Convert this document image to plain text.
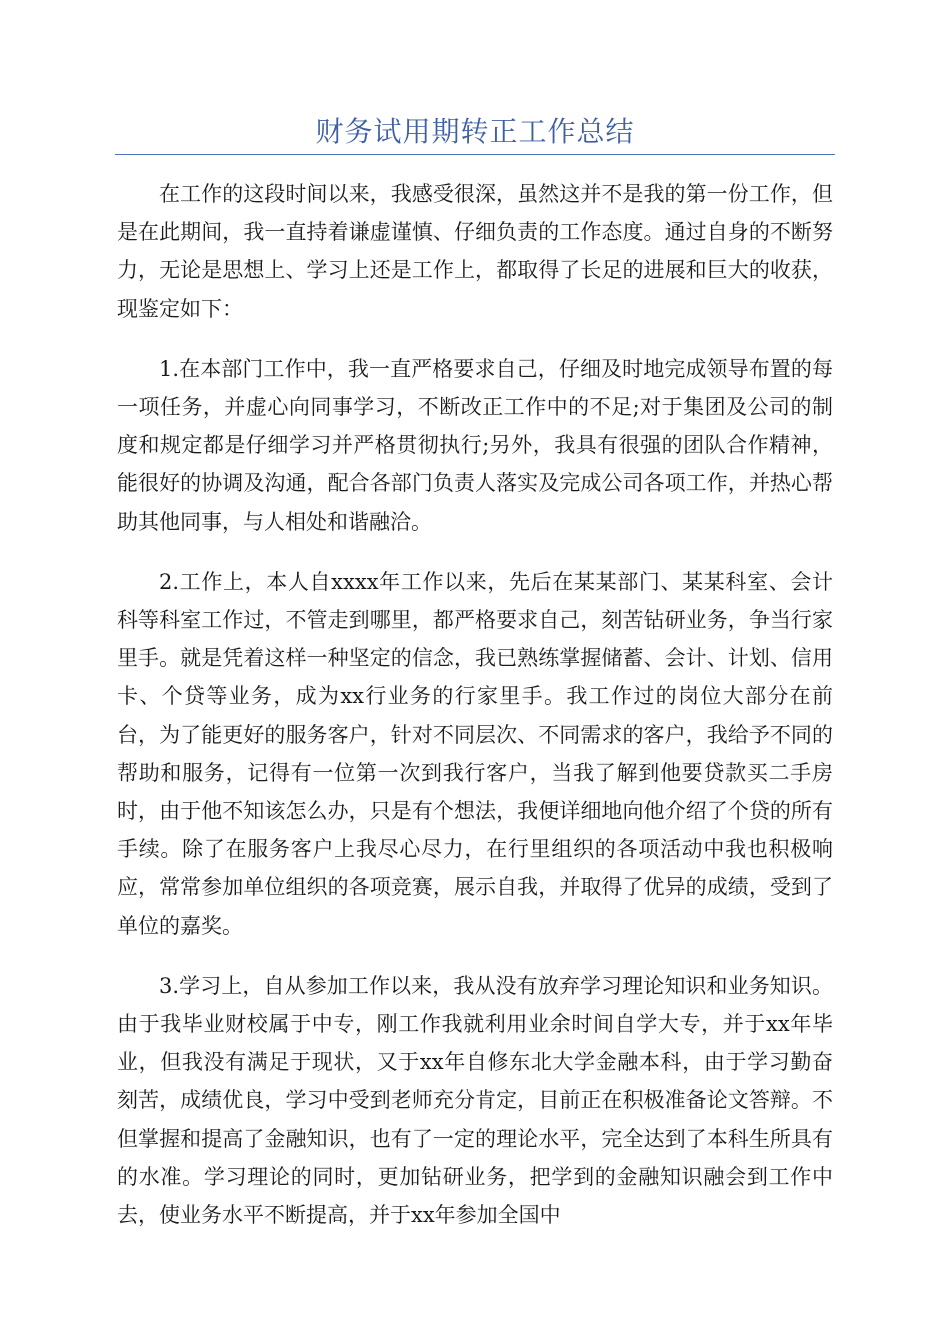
财务试用期转正工作总结

在工作的这段时间以来，我感受很深，虽然这并不是我的第一份工作，但是在此期间，我一直持着谦虚谨慎、仔细负责的工作态度。通过自身的不断努力，无论是思想上、学习上还是工作上，都取得了长足的进展和巨大的收获，现鉴定如下：

1.在本部门工作中，我一直严格要求自己，仔细及时地完成领导布置的每一项任务，并虚心向同事学习，不断改正工作中的不足;对于集团及公司的制度和规定都是仔细学习并严格贯彻执行;另外，我具有很强的团队合作精神，能很好的协调及沟通，配合各部门负责人落实及完成公司各项工作，并热心帮助其他同事，与人相处和谐融洽。

2.工作上，本人自xxxx年工作以来，先后在某某部门、某某科室、会计科等科室工作过，不管走到哪里，都严格要求自己，刻苦钻研业务，争当行家里手。就是凭着这样一种坚定的信念，我已熟练掌握储蓄、会计、计划、信用卡、个贷等业务，成为xx行业务的行家里手。我工作过的岗位大部分在前台，为了能更好的服务客户，针对不同层次、不同需求的客户，我给予不同的帮助和服务，记得有一位第一次到我行客户，当我了解到他要贷款买二手房时，由于他不知该怎么办，只是有个想法，我便详细地向他介绍了个贷的所有手续。除了在服务客户上我尽心尽力，在行里组织的各项活动中我也积极响应，常常参加单位组织的各项竞赛，展示自我，并取得了优异的成绩，受到了单位的嘉奖。

3.学习上，自从参加工作以来，我从没有放弃学习理论知识和业务知识。由于我毕业财校属于中专，刚工作我就利用业余时间自学大专，并于xx年毕业，但我没有满足于现状，又于xx年自修东北大学金融本科，由于学习勤奋刻苦，成绩优良，学习中受到老师充分肯定，目前正在积极准备论文答辩。不但掌握和提高了金融知识，也有了一定的理论水平，完全达到了本科生所具有的水准。学习理论的同时，更加钻研业务，把学到的金融知识融会到工作中去，使业务水平不断提高，并于xx年参加全国中
